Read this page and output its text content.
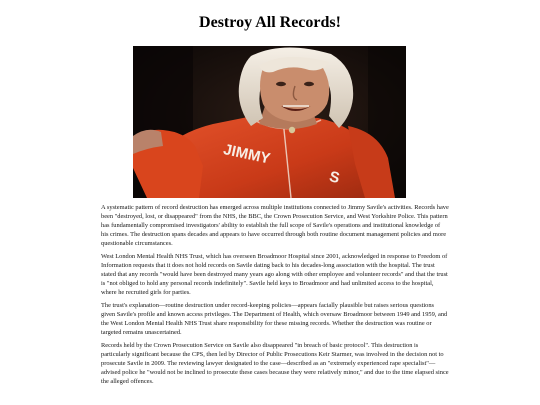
Destroy All Records!
JIMMY
S

A systematic pattern of record destruction has emerged across multiple institutions connected to Jimmy Savile's activities. Records have been "destroyed, lost, or disappeared" from the NHS, the BBC, the Crown Prosecution Service, and West Yorkshire Police. This pattern has fundamentally compromised investigators' ability to establish the full scope of Savile's operations and institutional knowledge of his crimes. The destruction spans decades and appears to have occurred through both routine document management policies and more questionable circumstances.

West London Mental Health NHS Trust, which has overseen Broadmoor Hospital since 2001, acknowledged in response to Freedom of Information requests that it does not hold records on Savile dating back to his decades-long association with the hospital. The trust stated that any records "would have been destroyed many years ago along with other employee and volunteer records" and that the trust is "not obliged to hold any personal records indefinitely". Savile held keys to Broadmoor and had unlimited access to the hospital, where he recruited girls for parties.

The trust's explanation—routine destruction under record-keeping policies—appears facially plausible but raises serious questions given Savile's profile and known access privileges. The Department of Health, which oversaw Broadmoor between 1949 and 1959, and the West London Mental Health NHS Trust share responsibility for these missing records. Whether the destruction was routine or targeted remains unascertained.

Records held by the Crown Prosecution Service on Savile also disappeared "in breach of basic protocol". This destruction is particularly significant because the CPS, then led by Director of Public Prosecutions Keir Starmer, was involved in the decision not to prosecute Savile in 2009. The reviewing lawyer designated to the case—described as an "extremely experienced rape specialist"—advised police he "would not be inclined to prosecute these cases because they were relatively minor," and due to the time elapsed since the alleged offences.
